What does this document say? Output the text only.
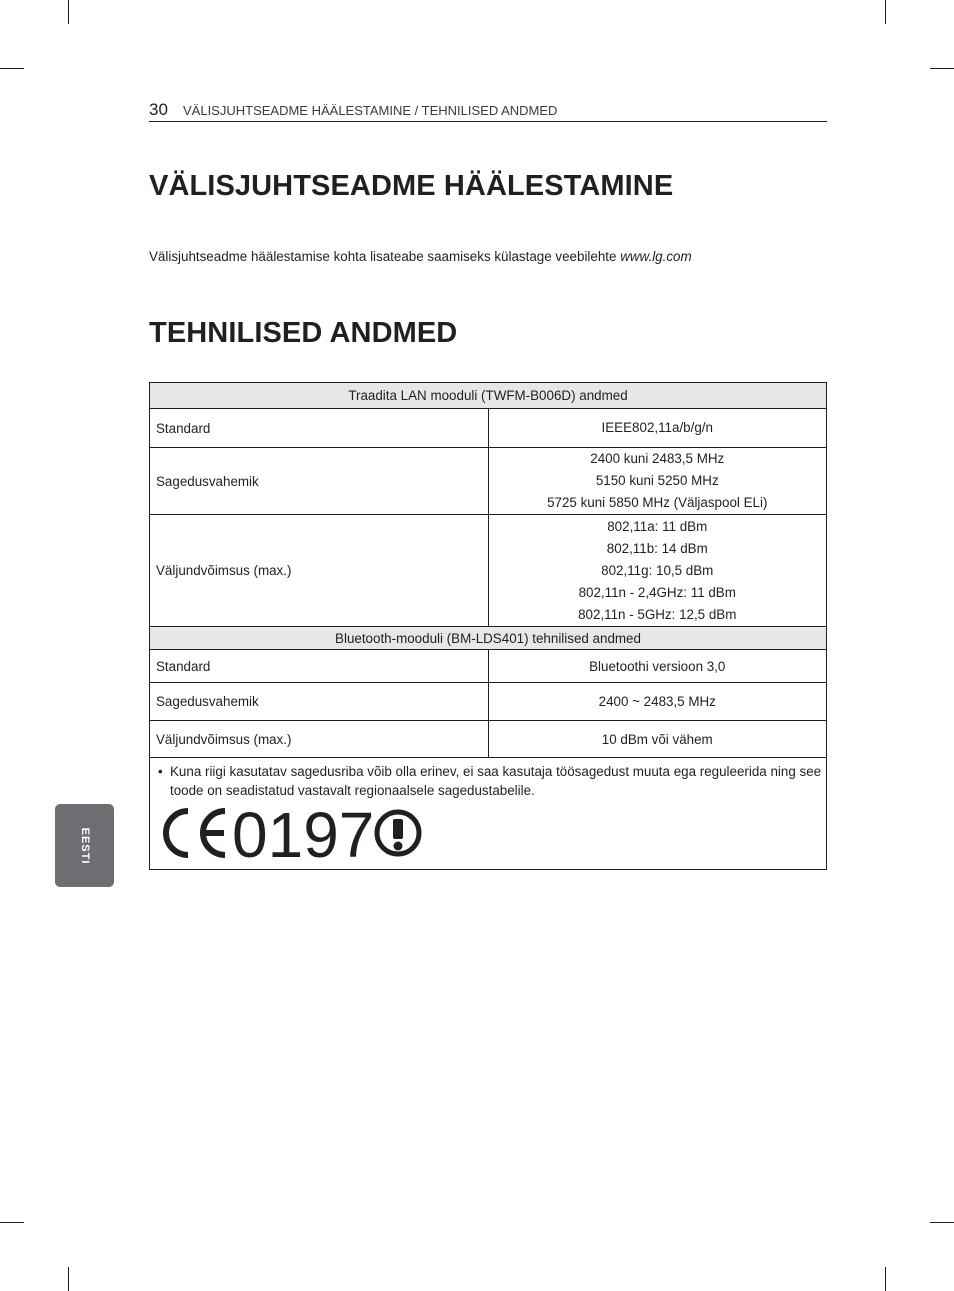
30 VÄLISJUHTSEADME HÄÄLESTAMINE / TEHNILISED ANDMED
VÄLISJUHTSEADME HÄÄLESTAMINE
Välisjuhtseadme häälestamise kohta lisateabe saamiseks külastage veebilehte www.lg.com
TEHNILISED ANDMED
Traadita LAN mooduli (TWFM-B006D) andmed	
Standard	IEEE802,11a/b/g/n

Sagedusvahemik	2400 kuni 2483,5 MHz
5150 kuni 5250 MHz
5725 kuni 5850 MHz (Väljaspool ELi)

Väljundvõimsus (max.)	802,11a: 11 dBm
802,11b: 14 dBm
802,11g: 10,5 dBm
802,11n - 2,4GHz: 11 dBm
802,11n - 5GHz: 12,5 dBm

Bluetooth-mooduli (BM-LDS401) tehnilised andmed	
Standard	Bluetoothi versioon 3,0
Sagedusvahemik	2400 ~ 2483,5 MHz
Väljundvõimsus (max.)	10 dBm või vähem

• Kuna riigi kasutatav sagedusriba võib olla erinev, ei saa kasutaja töösagedust muuta ega reguleerida ning see toode on seadistatud vastavalt regionaalsele sagedustabelile.
0197	
EESTI
